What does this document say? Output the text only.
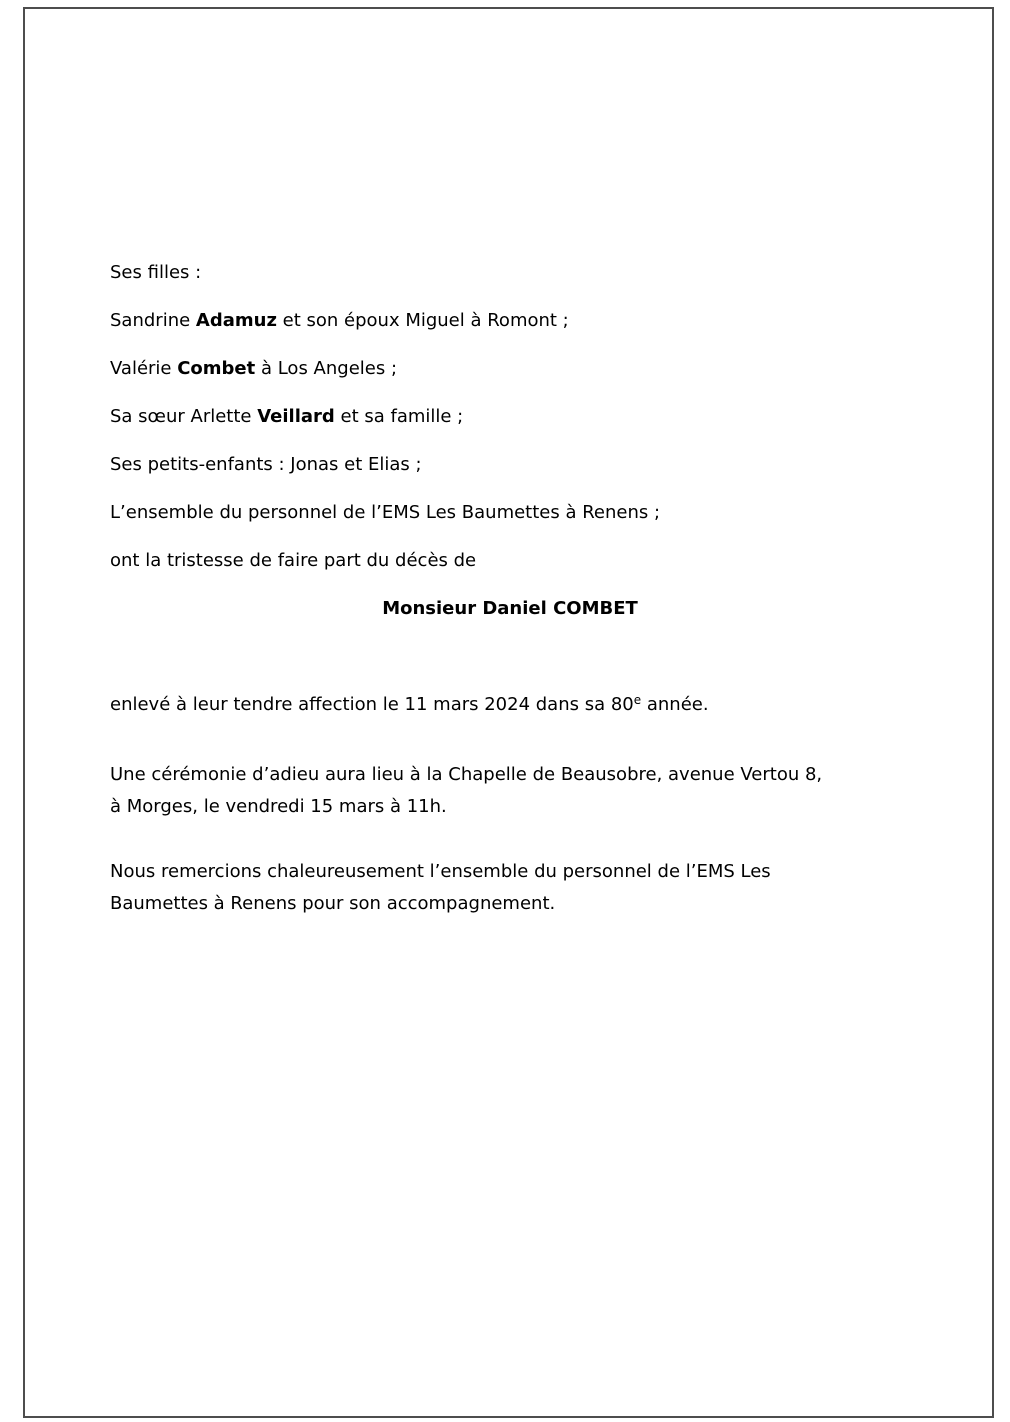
Ses filles :

Sandrine Adamuz et son époux Miguel à Romont ;

Valérie Combet à Los Angeles ;

Sa sœur Arlette Veillard et sa famille ;

Ses petits-enfants : Jonas et Elias ;

L’ensemble du personnel de l’EMS Les Baumettes à Renens ;

ont la tristesse de faire part du décès de

Monsieur Daniel COMBET

enlevé à leur tendre affection le 11 mars 2024 dans sa 80e année.

Une cérémonie d’adieu aura lieu à la Chapelle de Beausobre, avenue Vertou 8,
à Morges, le vendredi 15 mars à 11h.

Nous remercions chaleureusement l’ensemble du personnel de l’EMS Les
Baumettes à Renens pour son accompagnement.
